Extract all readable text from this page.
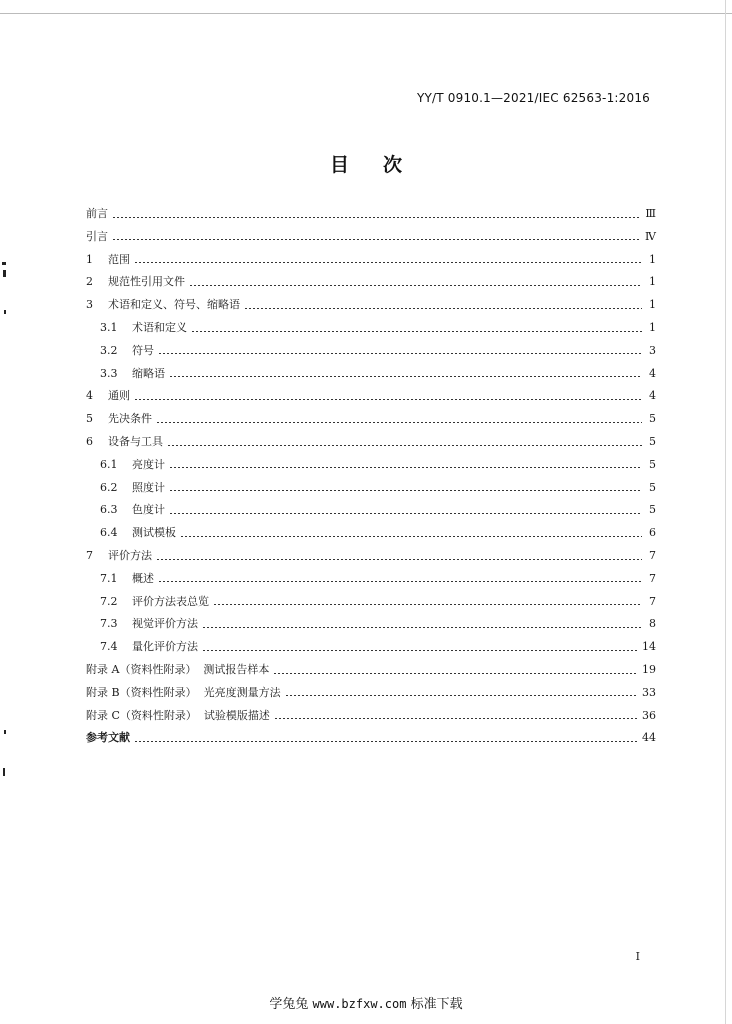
YY/T 0910.1—2021/IEC 62563-1:2016
目 次
前言	Ⅲ
引言	Ⅳ
1	范围	1
2	规范性引用文件	1
3	术语和定义、符号、缩略语	1
3.1	术语和定义	1
3.2	符号	3
3.3	缩略语	4
4	通则	4
5	先决条件	5
6	设备与工具	5
6.1	亮度计	5
6.2	照度计	5
6.3	色度计	5
6.4	测试模板	6
7	评价方法	7
7.1	概述	7
7.2	评价方法表总览	7
7.3	视觉评价方法	8
7.4	量化评价方法	14
附录 A（资料性附录）  测试报告样本	19
附录 B（资料性附录）  光亮度测量方法	33
附录 C（资料性附录）  试验模版描述	36
参考文献	44
I
学兔兔 www.bzfxw.com 标准下载
